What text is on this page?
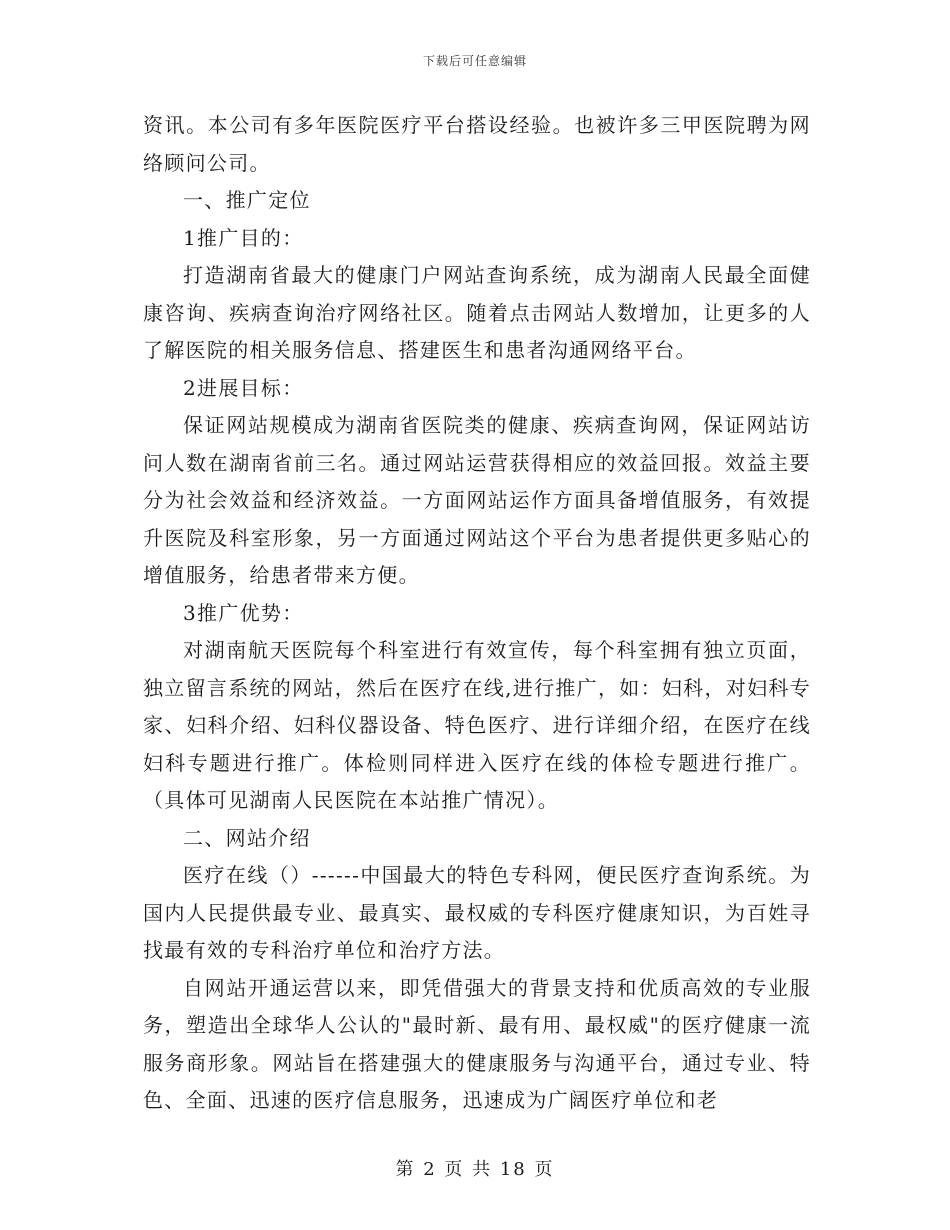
下载后可任意编辑

资讯。本公司有多年医院医疗平台搭设经验。也被许多三甲医院聘为网络顾问公司。

一、推广定位

1推广目的：

打造湖南省最大的健康门户网站查询系统，成为湖南人民最全面健康咨询、疾病查询治疗网络社区。随着点击网站人数增加，让更多的人了解医院的相关服务信息、搭建医生和患者沟通网络平台。

2进展目标：

保证网站规模成为湖南省医院类的健康、疾病查询网，保证网站访问人数在湖南省前三名。通过网站运营获得相应的效益回报。效益主要分为社会效益和经济效益。一方面网站运作方面具备增值服务，有效提升医院及科室形象，另一方面通过网站这个平台为患者提供更多贴心的增值服务，给患者带来方便。

3推广优势：

对湖南航天医院每个科室进行有效宣传，每个科室拥有独立页面，独立留言系统的网站，然后在医疗在线,进行推广，如：妇科，对妇科专家、妇科介绍、妇科仪器设备、特色医疗、进行详细介绍，在医疗在线妇科专题进行推广。体检则同样进入医疗在线的体检专题进行推广。（具体可见湖南人民医院在本站推广情况）。

二、网站介绍

医疗在线（）------中国最大的特色专科网，便民医疗查询系统。为国内人民提供最专业、最真实、最权威的专科医疗健康知识，为百姓寻找最有效的专科治疗单位和治疗方法。

自网站开通运营以来，即凭借强大的背景支持和优质高效的专业服务，塑造出全球华人公认的"最时新、最有用、最权威"的医疗健康一流服务商形象。网站旨在搭建强大的健康服务与沟通平台，通过专业、特色、全面、迅速的医疗信息服务，迅速成为广阔医疗单位和老

第 2 页 共 18 页
